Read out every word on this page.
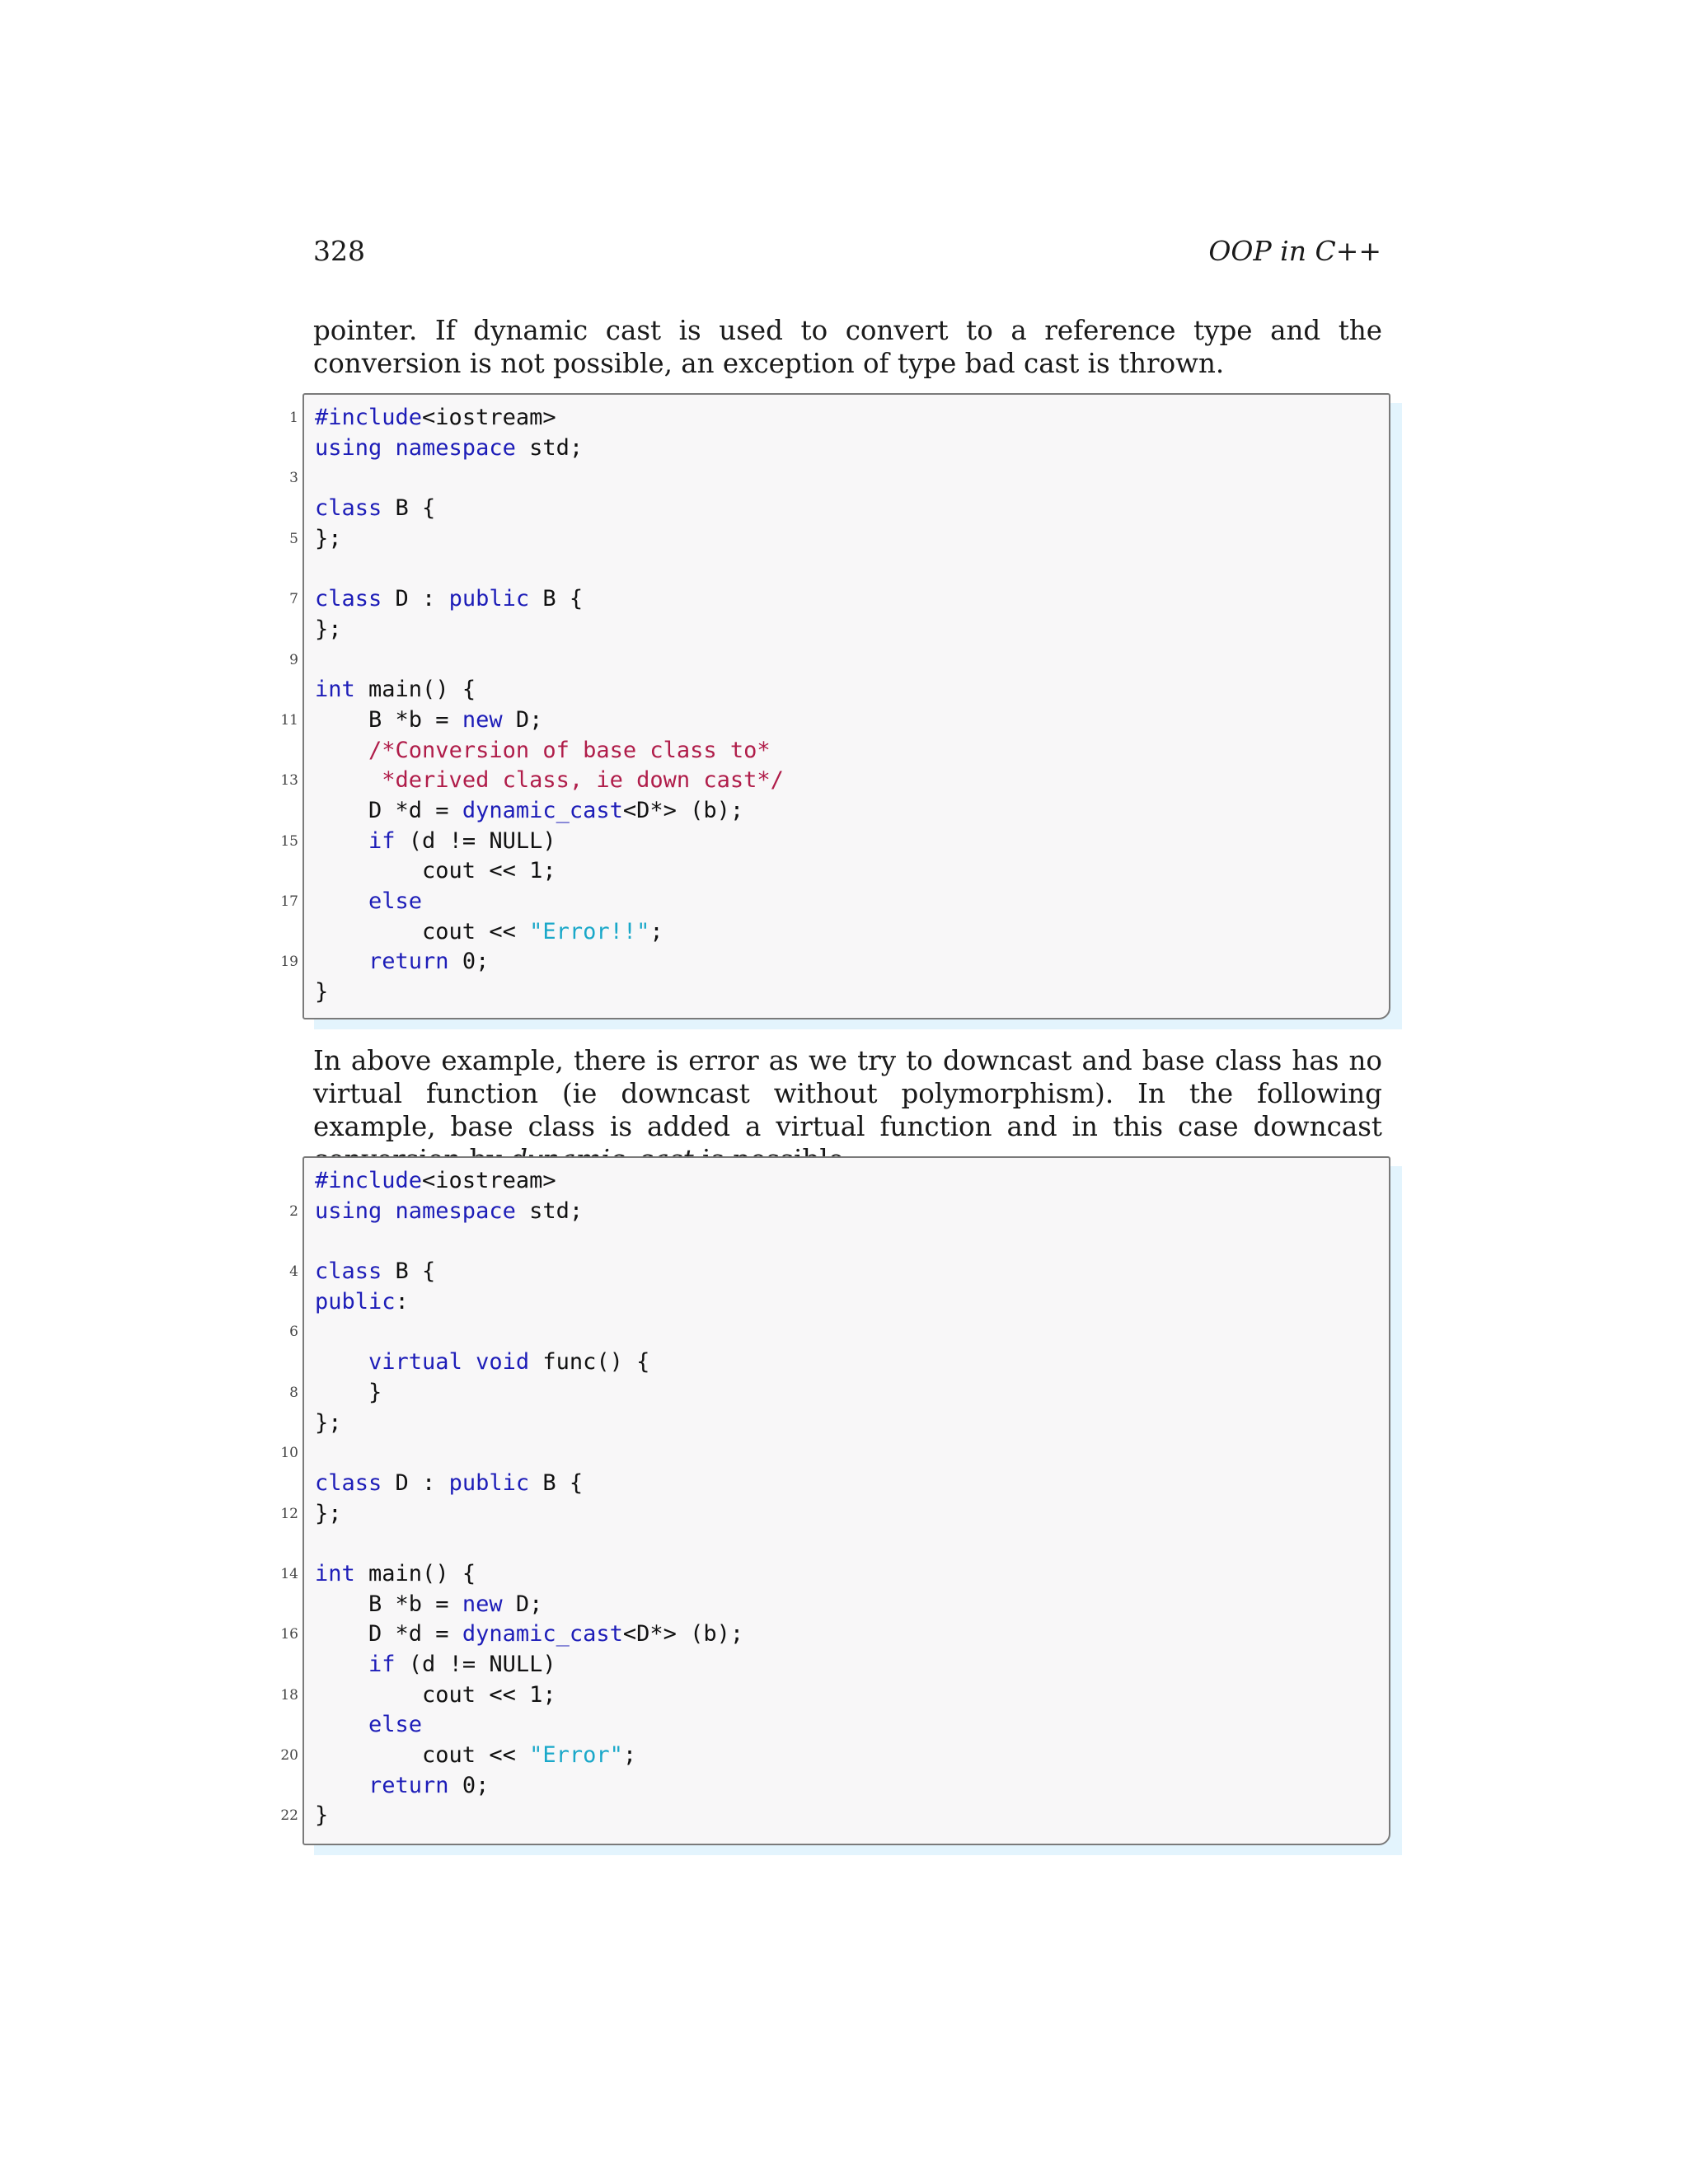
328	OOP in C++

pointer. If dynamic cast is used to convert to a reference type and the conversion is not possible, an exception of type bad cast is thrown.

1 #include<iostream>
using namespace std;
3
class B {
5 };
7 class D : public B {
};
9
int main() {
11 B *b = new D;
/*Conversion of base class to*
13	*derived class, ie down cast*/
D *d = dynamic_cast<D*> (b);
15	if (d != NULL)
cout << 1;
17	else
cout << "Error!!";
19	return 0;
}

In above example, there is error as we try to downcast and base class has no virtual function (ie downcast without polymorphism). In the following example, base class is added a virtual function and in this case downcast

#include<iostream>
2 using namespace std;
4 class B {
public:
6
virtual void func() {
8 }
};
10
class D : public B {
12 };
14 int main() {
B *b = new D;
16 D *d = dynamic_cast<D*> (b);
if (d != NULL)
18 cout << 1;
else
20 cout << "Error";
return 0;
22 }
